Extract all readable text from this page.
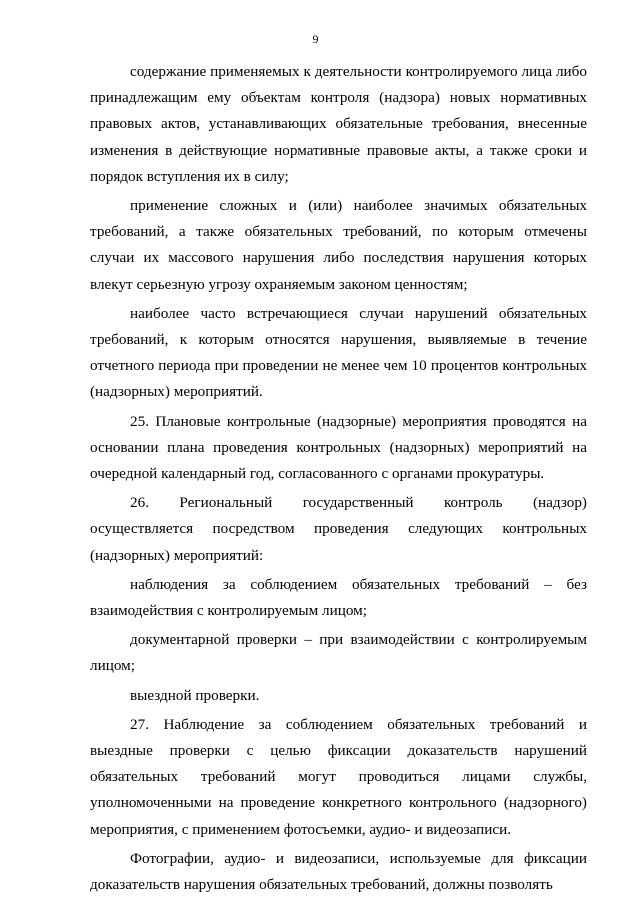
9

содержание применяемых к деятельности контролируемого лица либо принадлежащим ему объектам контроля (надзора) новых нормативных правовых актов, устанавливающих обязательные требования, внесенные изменения в действующие нормативные правовые акты, а также сроки и порядок вступления их в силу;

применение сложных и (или) наиболее значимых обязательных требований, а также обязательных требований, по которым отмечены случаи их массового нарушения либо последствия нарушения которых влекут серьезную угрозу охраняемым законом ценностям;

наиболее часто встречающиеся случаи нарушений обязательных требований, к которым относятся нарушения, выявляемые в течение отчетного периода при проведении не менее чем 10 процентов контрольных (надзорных) мероприятий.

25. Плановые контрольные (надзорные) мероприятия проводятся на основании плана проведения контрольных (надзорных) мероприятий на очередной календарный год, согласованного с органами прокуратуры.

26. Региональный государственный контроль (надзор) осуществляется посредством проведения следующих контрольных (надзорных) мероприятий:

наблюдения за соблюдением обязательных требований – без взаимодействия с контролируемым лицом;

документарной проверки – при взаимодействии с контролируемым лицом;

выездной проверки.

27. Наблюдение за соблюдением обязательных требований и выездные проверки с целью фиксации доказательств нарушений обязательных требований могут проводиться лицами службы, уполномоченными на проведение конкретного контрольного (надзорного) мероприятия, с применением фотосъемки, аудио- и видеозаписи.

Фотографии, аудио- и видеозаписи, используемые для фиксации доказательств нарушения обязательных требований, должны позволять
